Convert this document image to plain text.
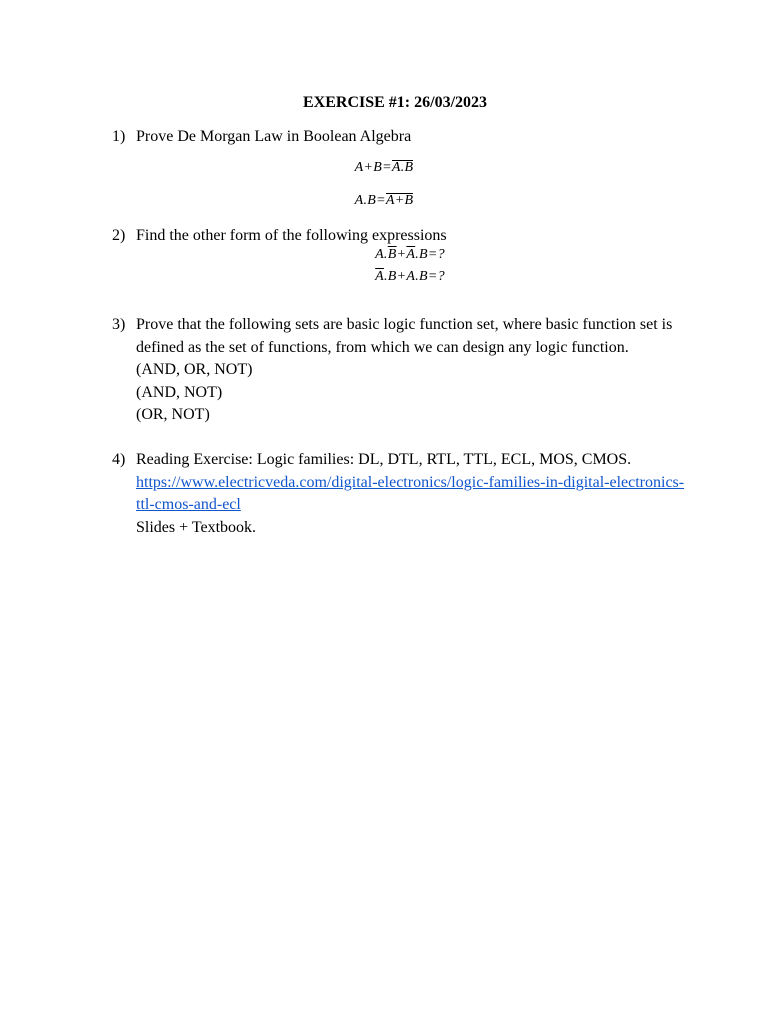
EXERCISE #1: 26/03/2023
1) Prove De Morgan Law in Boolean Algebra
A+B=A.B
A.B=A+B
2) Find the other form of the following expressions
$A.\overline{B}+\overline{A}.B=$?
$\overline{A}.B+A.B=$?
3) Prove that the following sets are basic logic function set, where basic function set is defined as the set of functions, from which we can design any logic function.
(AND, OR, NOT)
(AND, NOT)
(OR, NOT)
4) Reading Exercise: Logic families: DL, DTL, RTL, TTL, ECL, MOS, CMOS.
https://www.electricveda.com/digital-electronics/logic-families-in-digital-electronics-ttl-cmos-and-ecl
Slides + Textbook.
